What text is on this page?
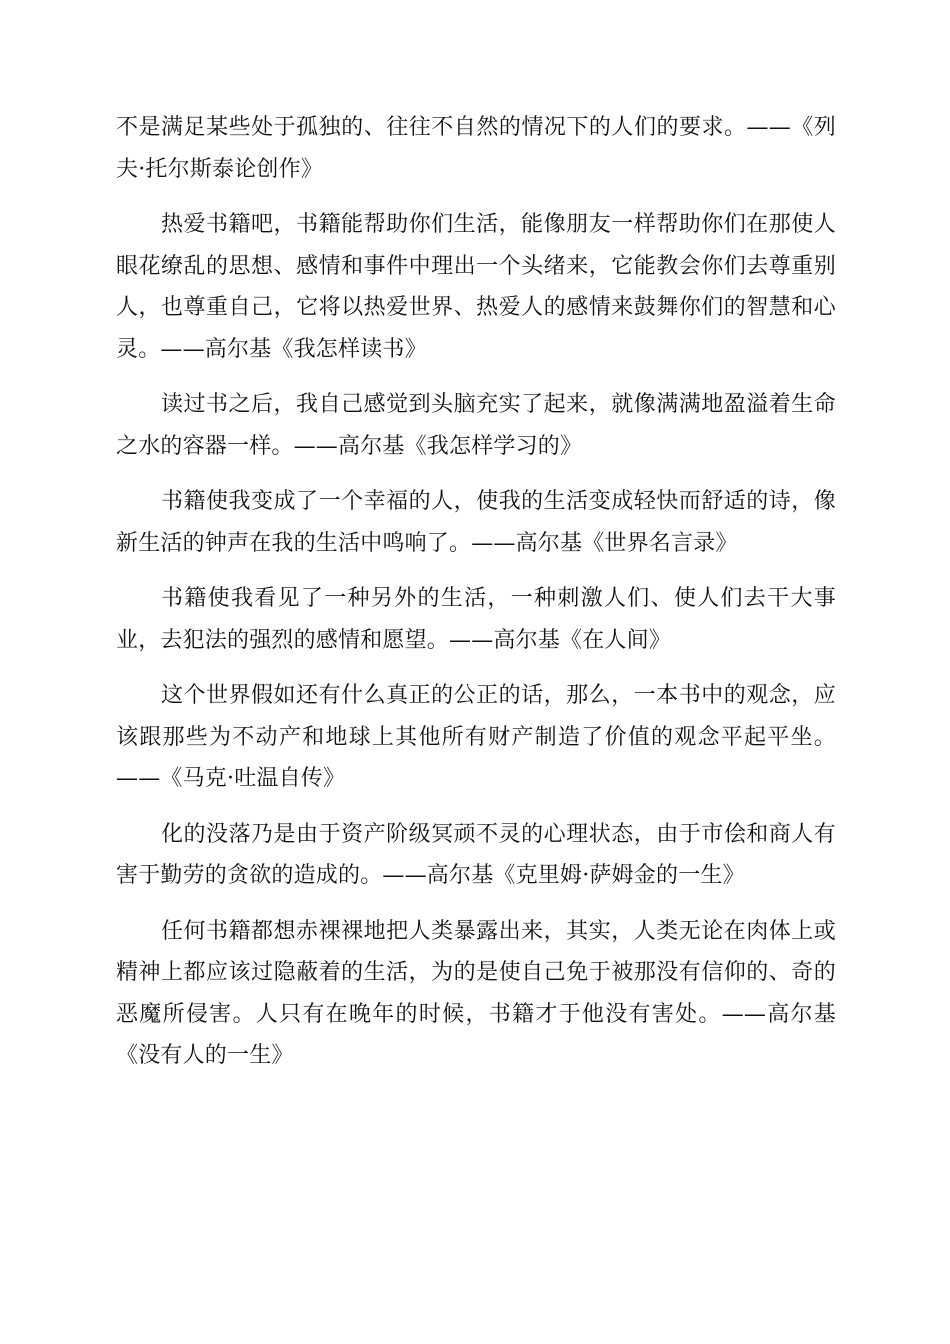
不是满足某些处于孤独的、往往不自然的情况下的人们的要求。——《列夫·托尔斯泰论创作》

热爱书籍吧，书籍能帮助你们生活，能像朋友一样帮助你们在那使人眼花缭乱的思想、感情和事件中理出一个头绪来，它能教会你们去尊重别人，也尊重自己，它将以热爱世界、热爱人的感情来鼓舞你们的智慧和心灵。——高尔基《我怎样读书》

读过书之后，我自己感觉到头脑充实了起来，就像满满地盈溢着生命之水的容器一样。——高尔基《我怎样学习的》

书籍使我变成了一个幸福的人，使我的生活变成轻快而舒适的诗，像新生活的钟声在我的生活中鸣响了。——高尔基《世界名言录》

书籍使我看见了一种另外的生活，一种刺激人们、使人们去干大事业，去犯法的强烈的感情和愿望。——高尔基《在人间》

这个世界假如还有什么真正的公正的话，那么，一本书中的观念，应该跟那些为不动产和地球上其他所有财产制造了价值的观念平起平坐。——《马克·吐温自传》

化的没落乃是由于资产阶级冥顽不灵的心理状态，由于市侩和商人有害于勤劳的贪欲的造成的。——高尔基《克里姆·萨姆金的一生》

任何书籍都想赤裸裸地把人类暴露出来，其实，人类无论在肉体上或精神上都应该过隐蔽着的生活，为的是使自己免于被那没有信仰的、奇的恶魔所侵害。人只有在晚年的时候，书籍才于他没有害处。——高尔基《没有人的一生》
